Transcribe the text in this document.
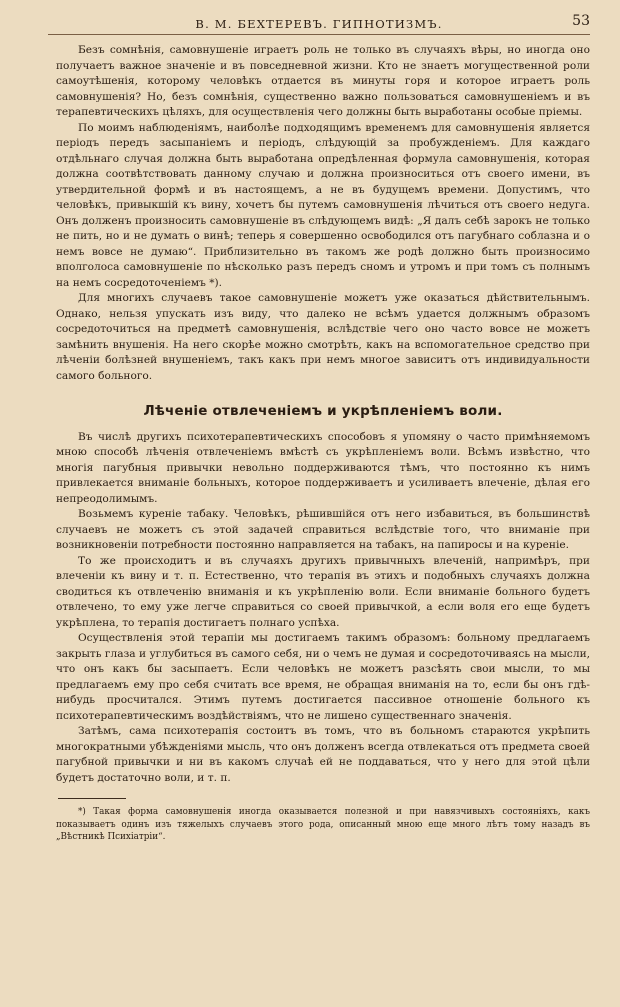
В. М. БЕХТЕРЕВЪ. ГИПНОТИЗМЪ.	53

Безъ сомнѣнія, самовнушеніе играетъ роль не только въ случаяхъ вѣры, но иногда оно получаетъ важное значеніе и въ повседневной жизни. Кто не знаетъ могущественной роли самоутѣшенія, которому человѣкъ отдается въ минуты горя и которое играетъ роль самовнушенія? Но, безъ сомнѣнія, существенно важно пользоваться самовнушеніемъ и въ терапевтическихъ цѣляхъ, для осуществленія чего должны быть выработаны особые пріемы.

По моимъ наблюденіямъ, наиболѣе подходящимъ временемъ для самовнушенія является періодъ передъ засыпаніемъ и періодъ, слѣдующій за пробужденіемъ. Для каждаго отдѣльнаго случая должна быть выработана опредѣленная формула самовнушенія, которая должна соотвѣтствовать данному случаю и должна произноситься отъ своего имени, въ утвердительной формѣ и въ настоящемъ, а не въ будущемъ времени. Допустимъ, что человѣкъ, привыкшій къ вину, хочетъ бы путемъ самовнушенія лѣчиться отъ своего недуга. Онъ долженъ произносить самовнушеніе въ слѣдующемъ видѣ: „Я далъ себѣ зарокъ не только не пить, но и не думать о винѣ; теперь я совершенно освободился отъ пагубнаго соблазна и о немъ вовсе не думаю“. Приблизительно въ такомъ же родѣ должно быть произносимо вполголоса самовнушеніе по нѣсколько разъ передъ сномъ и утромъ и при томъ съ полнымъ на немъ сосредоточеніемъ *).

Для многихъ случаевъ такое самовнушеніе можетъ уже оказаться дѣйствительнымъ. Однако, нельзя упускать изъ виду, что далеко не всѣмъ удается должнымъ образомъ сосредоточиться на предметѣ самовнушенія, вслѣдствіе чего оно часто вовсе не можетъ замѣнить внушенія. На него скорѣе можно смотрѣть, какъ на вспомогательное средство при лѣченіи болѣзней внушеніемъ, такъ какъ при немъ многое зависитъ отъ индивидуальности самого больного.

Лѣченіе отвлеченіемъ и укрѣпленіемъ воли.

Въ числѣ другихъ психотерапевтическихъ способовъ я упомяну о часто примѣняемомъ мною способѣ лѣченія отвлеченіемъ вмѣстѣ съ укрѣпленіемъ воли. Всѣмъ извѣстно, что многія пагубныя привычки невольно поддерживаются тѣмъ, что постоянно къ нимъ привлекается вниманіе больныхъ, которое поддерживаетъ и усиливаетъ влеченіе, дѣлая его непреодолимымъ.

Возьмемъ куреніе табаку. Человѣкъ, рѣшившійся отъ него избавиться, въ большинствѣ случаевъ не можетъ съ этой задачей справиться вслѣдствіе того, что вниманіе при возникновеніи потребности постоянно направляется на табакъ, на папиросы и на куреніе.

То же происходитъ и въ случаяхъ другихъ привычныхъ влеченій, напримѣръ, при влеченіи къ вину и т. п. Естественно, что терапія въ этихъ и подобныхъ случаяхъ должна сводиться къ отвлеченію вниманія и къ укрѣпленію воли. Если вниманіе больного будетъ отвлечено, то ему уже легче справиться со своей привычкой, а если воля его еще будетъ укрѣплена, то терапія достигаетъ полнаго успѣха.

Осуществленія этой терапіи мы достигаемъ такимъ образомъ: больному предлагаемъ закрыть глаза и углубиться въ самого себя, ни о чемъ не думая и сосредоточиваясь на мысли, что онъ какъ бы засыпаетъ. Если человѣкъ не можетъ разсѣять свои мысли, то мы предлагаемъ ему про себя считать все время, не обращая вниманія на то, если бы онъ гдѣ-нибудь просчитался. Этимъ путемъ достигается пассивное отношеніе больного къ психотерапевтическимъ воздѣйствіямъ, что не лишено существеннаго значенія.

Затѣмъ, сама психотерапія состоитъ въ томъ, что въ больномъ стараются укрѣпить многократными убѣжденіями мысль, что онъ долженъ всегда отвлекаться отъ предмета своей пагубной привычки и ни въ какомъ случаѣ ей не поддаваться, что у него для этой цѣли будетъ достаточно воли, и т. п.

*) Такая форма самовнушенія иногда оказывается полезной и при навязчивыхъ состояніяхъ, какъ показываетъ одинъ изъ тяжелыхъ случаевъ этого рода, описанный мною еще много лѣтъ тому назадъ въ „Вѣстникѣ Психіатріи“.
